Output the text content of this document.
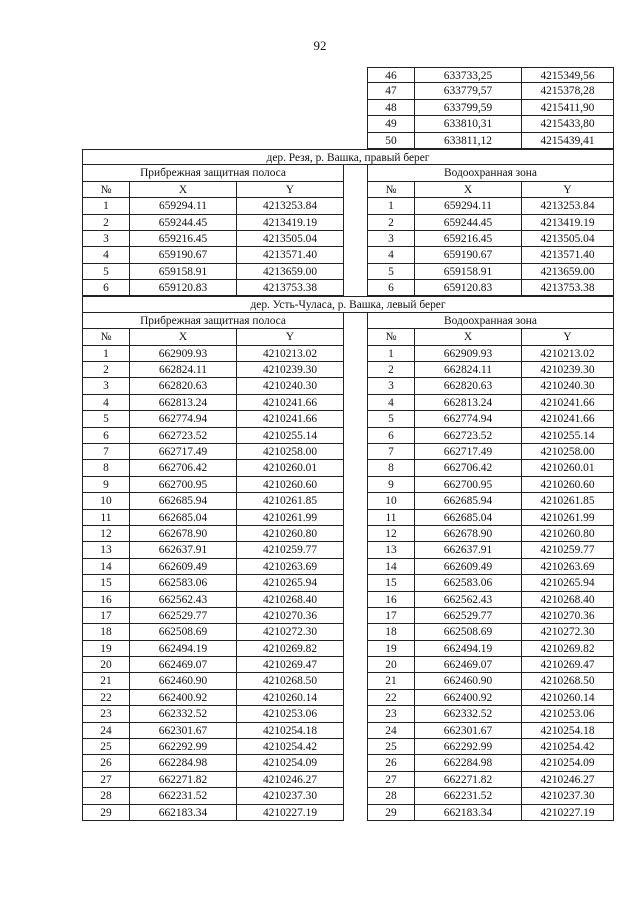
92
46	633733,25	4215349,56
47	633779,57	4215378,28
48	633799,59	4215411,90
49	633810,31	4215433,80
50	633811,12	4215439,41
дер. Резя, р. Вашка, правый берег
Прибрежная защитная полоса	Водоохранная зона
№	X	Y	№	X	Y
1	659294.11	4213253.84	1	659294.11	4213253.84
2	659244.45	4213419.19	2	659244.45	4213419.19
3	659216.45	4213505.04	3	659216.45	4213505.04
4	659190.67	4213571.40	4	659190.67	4213571.40
5	659158.91	4213659.00	5	659158.91	4213659.00
6	659120.83	4213753.38	6	659120.83	4213753.38
дер. Усть-Чуласа, р. Вашка, левый берег
Прибрежная защитная полоса	Водоохранная зона
№	X	Y	№	X	Y
1	662909.93	4210213.02	1	662909.93	4210213.02
2	662824.11	4210239.30	2	662824.11	4210239.30
3	662820.63	4210240.30	3	662820.63	4210240.30
4	662813.24	4210241.66	4	662813.24	4210241.66
5	662774.94	4210241.66	5	662774.94	4210241.66
6	662723.52	4210255.14	6	662723.52	4210255.14
7	662717.49	4210258.00	7	662717.49	4210258.00
8	662706.42	4210260.01	8	662706.42	4210260.01
9	662700.95	4210260.60	9	662700.95	4210260.60
10	662685.94	4210261.85	10	662685.94	4210261.85
11	662685.04	4210261.99	11	662685.04	4210261.99
12	662678.90	4210260.80	12	662678.90	4210260.80
13	662637.91	4210259.77	13	662637.91	4210259.77
14	662609.49	4210263.69	14	662609.49	4210263.69
15	662583.06	4210265.94	15	662583.06	4210265.94
16	662562.43	4210268.40	16	662562.43	4210268.40
17	662529.77	4210270.36	17	662529.77	4210270.36
18	662508.69	4210272.30	18	662508.69	4210272.30
19	662494.19	4210269.82	19	662494.19	4210269.82
20	662469.07	4210269.47	20	662469.07	4210269.47
21	662460.90	4210268.50	21	662460.90	4210268.50
22	662400.92	4210260.14	22	662400.92	4210260.14
23	662332.52	4210253.06	23	662332.52	4210253.06
24	662301.67	4210254.18	24	662301.67	4210254.18
25	662292.99	4210254.42	25	662292.99	4210254.42
26	662284.98	4210254.09	26	662284.98	4210254.09
27	662271.82	4210246.27	27	662271.82	4210246.27
28	662231.52	4210237.30	28	662231.52	4210237.30
29	662183.34	4210227.19	29	662183.34	4210227.19
